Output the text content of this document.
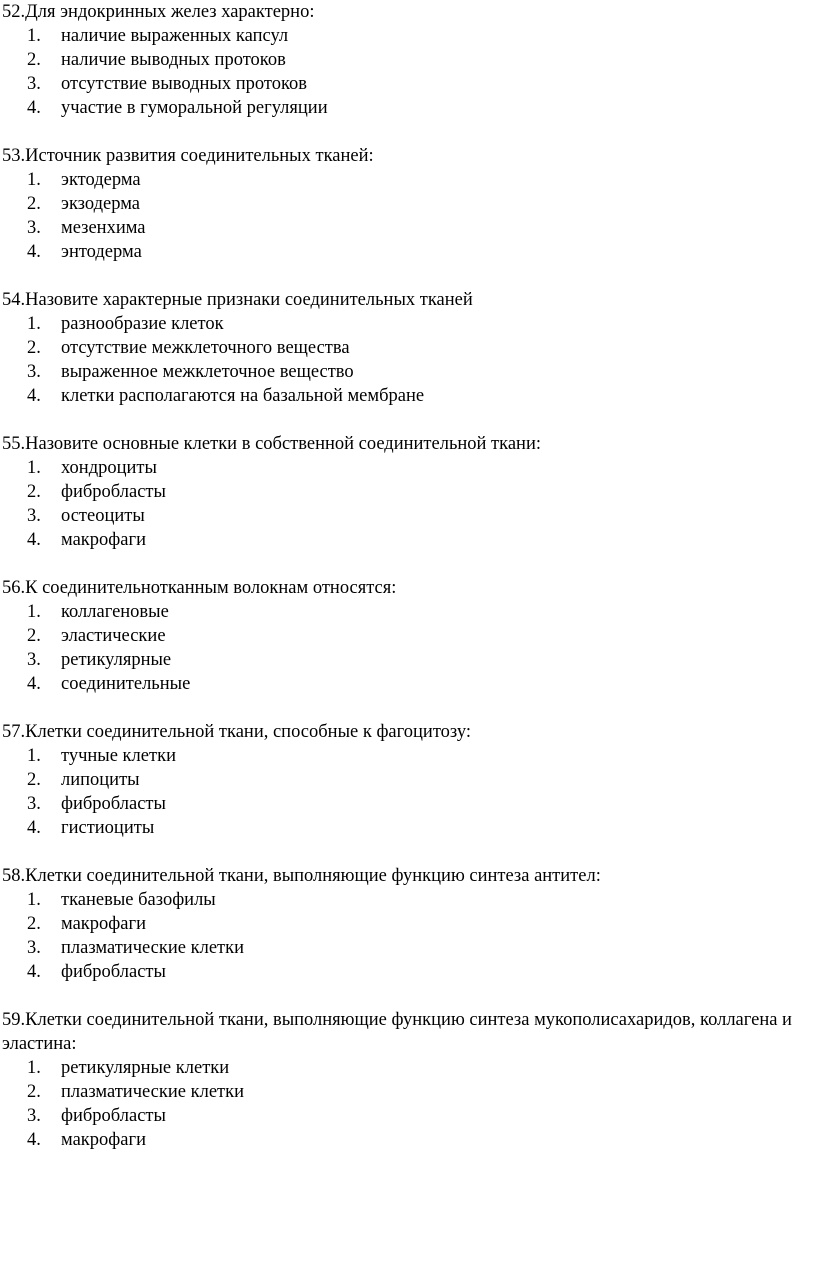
52.Для эндокринных желез характерно:

1.	наличие выраженных капсул
2.	наличие выводных протоков
3.	отсутствие выводных протоков
4.	участие в гуморальной регуляции

53.Источник развития соединительных тканей:

1.	эктодерма
2.	экзодерма
3.	мезенхима
4.	энтодерма

54.Назовите характерные признаки соединительных тканей

1.	разнообразие клеток
2.	отсутствие межклеточного вещества
3.	выраженное межклеточное вещество
4.	клетки располагаются на базальной мембране

55.Назовите основные клетки в собственной соединительной ткани:

1.	хондроциты
2.	фибробласты
3.	остеоциты
4.	макрофаги

56.К соединительнотканным волокнам относятся:

1.	коллагеновые
2.	эластические
3.	ретикулярные
4.	соединительные

57.Клетки соединительной ткани, способные к фагоцитозу:

1.	тучные клетки
2.	липоциты
3.	фибробласты
4.	гистиоциты

58.Клетки соединительной ткани, выполняющие функцию синтеза антител:

1.	тканевые базофилы
2.	макрофаги
3.	плазматические клетки
4.	фибробласты

59.Клетки соединительной ткани, выполняющие функцию синтеза мукополисахаридов, коллагена и эластина:

1.	ретикулярные клетки
2.	плазматические клетки
3.	фибробласты
4.	макрофаги
